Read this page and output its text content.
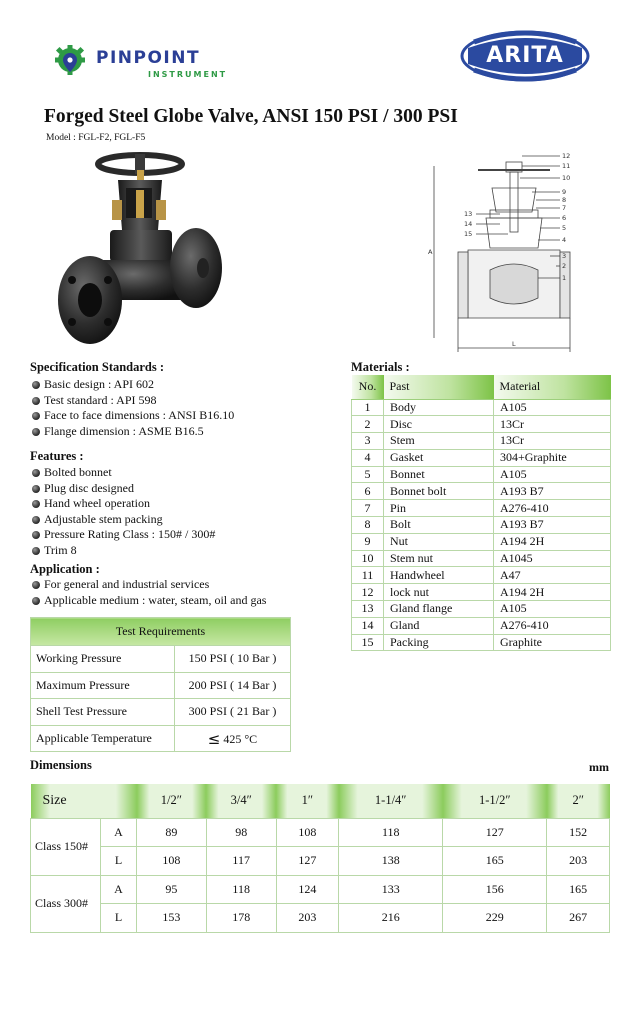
PINPOINT
INSTRUMENT
ARITA
Forged Steel Globe Valve, ANSI 150 PSI / 300 PSI
Model : FGL-F2, FGL-F5
12
11
10
9
8
7
6
5
4
3
2
1
13
14
15
A
L
Specification Standards :
Basic design : API 602
Test standard : API 598
Face to face dimensions : ANSI B16.10
Flange dimension : ASME B16.5
Features :
Bolted bonnet
Plug disc designed
Hand wheel operation
Adjustable stem packing
Pressure Rating Class : 150# / 300#
Trim 8
Application :
For general and industrial services
Applicable medium : water, steam, oil and gas
Test Requirements	
Working Pressure	150 PSI ( 10 Bar )
Maximum Pressure	200 PSI ( 14 Bar )
Shell Test Pressure	300 PSI ( 21 Bar )
Applicable Temperature	≤ 425 °C
Materials :
No.	Past	Material
1	Body	A105
2	Disc	13Cr
3	Stem	13Cr
4	Gasket	304+Graphite
5	Bonnet	A105
6	Bonnet bolt	A193 B7
7	Pin	A276-410
8	Bolt	A193 B7
9	Nut	A194 2H
10	Stem nut	A1045
11	Handwheel	A47
12	lock nut	A194 2H
13	Gland flange	A105
14	Gland	A276-410
15	Packing	Graphite
Dimensions	mm
Size		1/2″	3/4″	1″	1-1/4″	1-1/2″	2″
Class 150#	A	89	98	108	118	127	152
	L	108	117	127	138	165	203
Class 300#	A	95	118	124	133	156	165
	L	153	178	203	216	229	267
